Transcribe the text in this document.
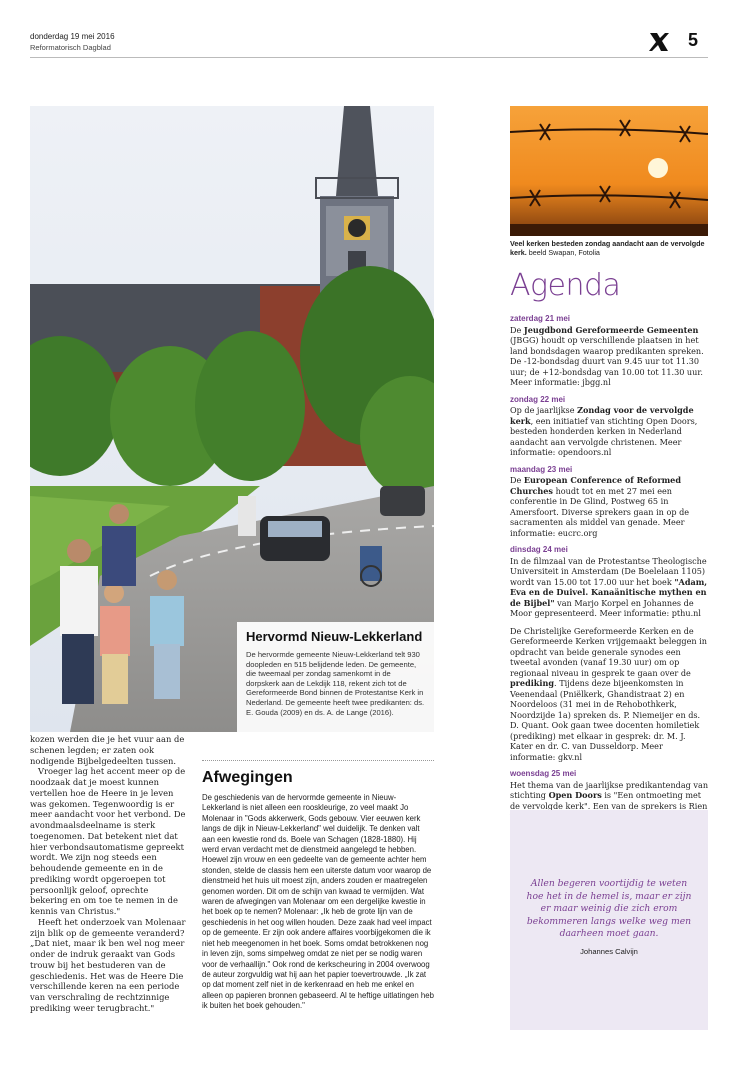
donderdag 19 mei 2016
Reformatorisch Dagblad	5
Hervormd Nieuw-Lekkerland
De hervormde gemeente Nieuw-Lekkerland telt 930 doopleden en 515 belijdende leden. De gemeente, die tweemaal per zondag samenkomt in de dorpskerk aan de Lekdijk 118, rekent zich tot de Gereformeerde Bond binnen de Protestantse Kerk in Nederland. De gemeente heeft twee predikanten: ds. E. Gouda (2009) en ds. A. de Lange (2016).

kozen werden die je het vuur aan de schenen legden; er zaten ook nodigende Bijbelgedeelten tussen.

Vroeger lag het accent meer op de noodzaak dat je moest kunnen vertellen hoe de Heere in je leven was gekomen. Tegenwoordig is er meer aandacht voor het verbond. De avondmaalsdeelname is sterk toegenomen. Dat betekent niet dat hier verbondsautomatisme gepreekt wordt. We zijn nog steeds een behoudende gemeente en in de prediking wordt opgeroepen tot persoonlijk geloof, oprechte bekering en om toe te nemen in de kennis van Christus."

Heeft het onderzoek van Molenaar zijn blik op de gemeente veranderd? „Dat niet, maar ik ben wel nog meer onder de indruk geraakt van Gods trouw bij het bestuderen van de geschiedenis. Het was de Heere Die verschillende keren na een periode van verschraling de rechtzinnige prediking weer terugbracht."

Afwegingen
De geschiedenis van de hervormde gemeente in Nieuw-Lekkerland is niet alleen een rooskleurige, zo veel maakt Jo Molenaar in "Gods akkerwerk, Gods gebouw. Vier eeuwen kerk langs de dijk in Nieuw-Lekkerland" wel duidelijk. Te denken valt aan een kwestie rond ds. Boele van Schagen (1828-1880). Hij werd ervan verdacht met de dienstmeid aangelegd te hebben. Hoewel zijn vrouw en een gedeelte van de gemeente achter hem stonden, stelde de classis hem een uiterste datum voor waarop de dienstmeid het huis uit moest zijn, anders zouden er maatregelen genomen worden. Dit om de schijn van kwaad te vermijden. Wat waren de afwegingen van Molenaar om een dergelijke kwestie in het boek op te nemen? Molenaar: „Ik heb de grote lijn van de geschiedenis in het oog willen houden. Deze zaak had veel impact op de gemeente. Er zijn ook andere affaires voorbijgekomen die ik niet heb meegenomen in het boek. Soms omdat betrokkenen nog in leven zijn, soms simpelweg omdat ze niet per se nodig waren voor de verhaallijn." Ook rond de kerkscheuring in 2004 overwoog de auteur zorgvuldig wat hij aan het papier toevertrouwde. „Ik zat op dat moment zelf niet in de kerkenraad en heb me enkel en alleen op papieren bronnen gebaseerd. Al te heftige uitlatingen heb ik buiten het boek gehouden."
Veel kerken besteden zondag aandacht aan de vervolgde kerk. beeld Swapan, Fotolia
Agenda
zaterdag 21 mei
De Jeugdbond Gereformeerde Gemeenten (JBGG) houdt op verschillende plaatsen in het land bondsdagen waarop predikanten spreken. De -12-bondsdag duurt van 9.45 uur tot 11.30 uur; de +12-bondsdag van 10.00 tot 11.30 uur. Meer informatie: jbgg.nl
zondag 22 mei
Op de jaarlijkse Zondag voor de vervolgde kerk, een initiatief van stichting Open Doors, besteden honderden kerken in Nederland aandacht aan vervolgde christenen. Meer informatie: opendoors.nl
maandag 23 mei
De European Conference of Reformed Churches houdt tot en met 27 mei een conferentie in De Glind, Postweg 65 in Amersfoort. Diverse sprekers gaan in op de sacramenten als middel van genade. Meer informatie: eucrc.org
dinsdag 24 mei
In de filmzaal van de Protestantse Theologische Universiteit in Amsterdam (De Boelelaan 1105) wordt van 15.00 tot 17.00 uur het boek "Adam, Eva en de Duivel. Kanaänitische mythen en de Bijbel" van Marjo Korpel en Johannes de Moor gepresenteerd. Meer informatie: pthu.nl
De Christelijke Gereformeerde Kerken en de Gereformeerde Kerken vrijgemaakt beleggen in opdracht van beide generale synodes een tweetal avonden (vanaf 19.30 uur) om op regionaal niveau in gesprek te gaan over de prediking. Tijdens deze bijeenkomsten in Veenendaal (Pniëlkerk, Ghandistraat 2) en Noordeloos (31 mei in de Rehobothkerk, Noordzijde 1a) spreken ds. P. Niemeijer en ds. D. Quant. Ook gaan twee docenten homiletiek (prediking) met elkaar in gesprek: dr. M. J. Kater en dr. C. van Dusseldorp. Meer informatie: gkv.nl
woensdag 25 mei
Het thema van de jaarlijkse predikantendag van stichting Open Doors is "Een ontmoeting met de vervolgde kerk". Een van de sprekers is Rien
Allen begeren voortijdig te weten hoe het in de hemel is, maar er zijn er maar weinig die zich erom bekommeren langs welke weg men daarheen moet gaan.
Johannes Calvijn
